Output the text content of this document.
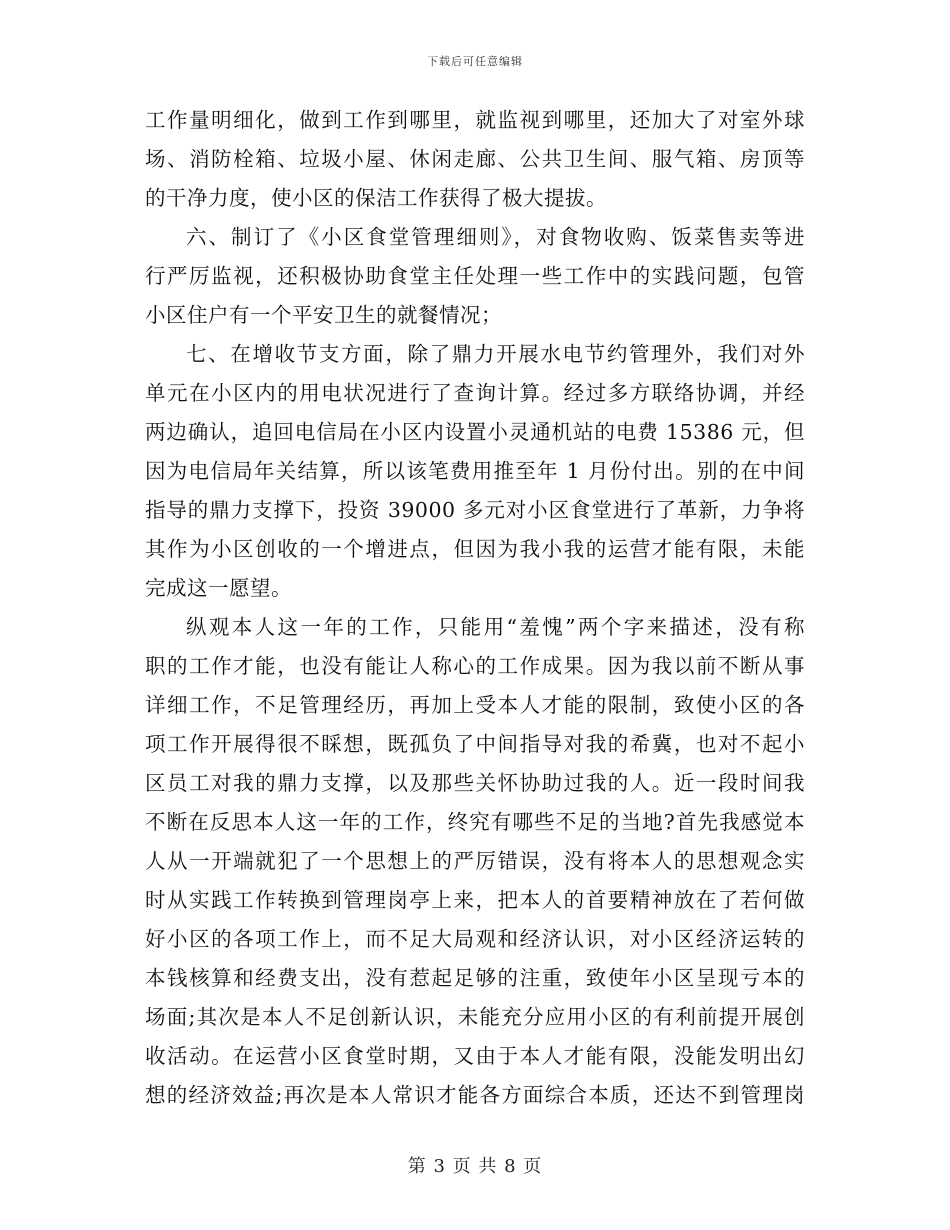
下载后可任意编辑
工作量明细化，做到工作到哪里，就监视到哪里，还加大了对室外球
场、消防栓箱、垃圾小屋、休闲走廊、公共卫生间、服气箱、房顶等
的干净力度，使小区的保洁工作获得了极大提拔。
六、制订了《小区食堂管理细则》，对食物收购、饭菜售卖等进
行严厉监视，还积极协助食堂主任处理一些工作中的实践问题，包管
小区住户有一个平安卫生的就餐情况；
七、在增收节支方面，除了鼎力开展水电节约管理外，我们对外
单元在小区内的用电状况进行了查询计算。经过多方联络协调，并经
两边确认，追回电信局在小区内设置小灵通机站的电费 15386 元，但
因为电信局年关结算，所以该笔费用推至年 1 月份付出。别的在中间
指导的鼎力支撑下，投资 39000 多元对小区食堂进行了革新，力争将
其作为小区创收的一个增进点，但因为我小我的运营才能有限，未能
完成这一愿望。
纵观本人这一年的工作，只能用“羞愧”两个字来描述，没有称
职的工作才能，也没有能让人称心的工作成果。因为我以前不断从事
详细工作，不足管理经历，再加上受本人才能的限制，致使小区的各
项工作开展得很不睬想，既孤负了中间指导对我的希冀，也对不起小
区员工对我的鼎力支撑，以及那些关怀协助过我的人。近一段时间我
不断在反思本人这一年的工作，终究有哪些不足的当地?首先我感觉本
人从一开端就犯了一个思想上的严厉错误，没有将本人的思想观念实
时从实践工作转换到管理岗亭上来，把本人的首要精神放在了若何做
好小区的各项工作上，而不足大局观和经济认识，对小区经济运转的
本钱核算和经费支出，没有惹起足够的注重，致使年小区呈现亏本的
场面;其次是本人不足创新认识，未能充分应用小区的有利前提开展创
收活动。在运营小区食堂时期，又由于本人才能有限，没能发明出幻
想的经济效益;再次是本人常识才能各方面综合本质，还达不到管理岗
第 3 页 共 8 页
